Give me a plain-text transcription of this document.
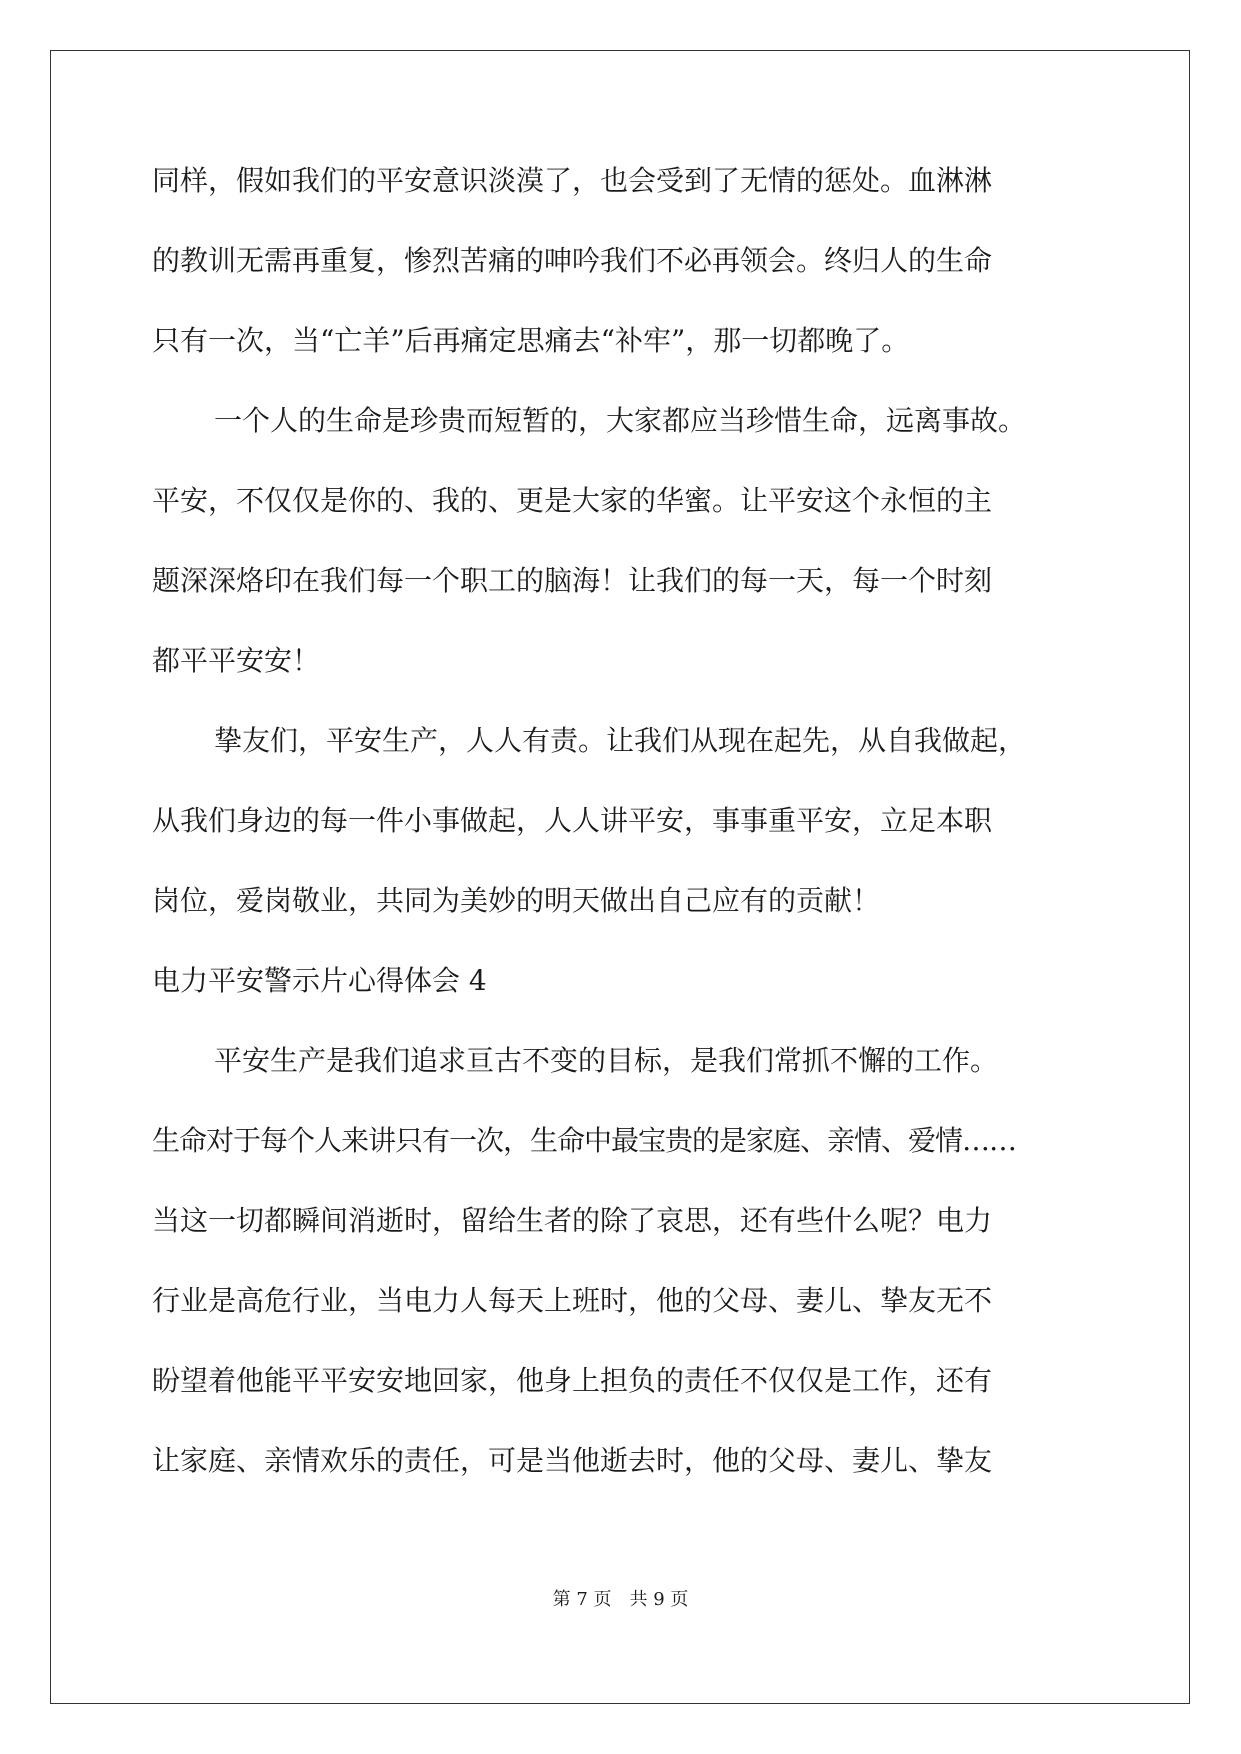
同样，假如我们的平安意识淡漠了，也会受到了无情的惩处。血淋淋
的教训无需再重复，惨烈苦痛的呻吟我们不必再领会。终归人的生命
只有一次，当“亡羊”后再痛定思痛去“补牢”，那一切都晚了。
一个人的生命是珍贵而短暂的，大家都应当珍惜生命，远离事故。
平安，不仅仅是你的、我的、更是大家的华蜜。让平安这个永恒的主
题深深烙印在我们每一个职工的脑海！让我们的每一天，每一个时刻
都平平安安！
挚友们，平安生产，人人有责。让我们从现在起先，从自我做起，
从我们身边的每一件小事做起，人人讲平安，事事重平安，立足本职
岗位，爱岗敬业，共同为美妙的明天做出自己应有的贡献！
电力平安警示片心得体会 4
平安生产是我们追求亘古不变的目标，是我们常抓不懈的工作。
生命对于每个人来讲只有一次，生命中最宝贵的是家庭、亲情、爱情……
当这一切都瞬间消逝时，留给生者的除了哀思，还有些什么呢？电力
行业是高危行业，当电力人每天上班时，他的父母、妻儿、挚友无不
盼望着他能平平安安地回家，他身上担负的责任不仅仅是工作，还有
让家庭、亲情欢乐的责任，可是当他逝去时，他的父母、妻儿、挚友
第 7 页　共 9 页
